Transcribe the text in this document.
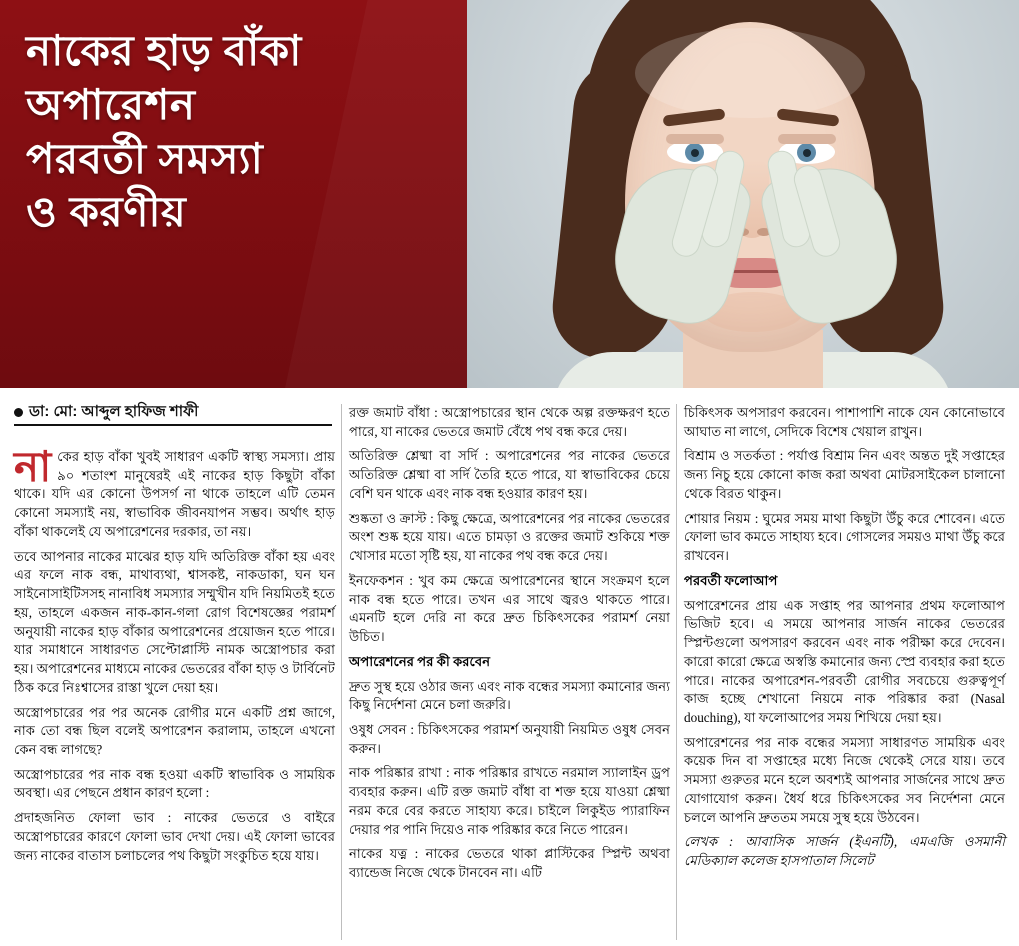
নাকের হাড় বাঁকা
অপারেশন
পরবর্তী সমস্যা
ও করণীয়
ডা: মো: আব্দুল হাফিজ শাফী

নাকের হাড় বাঁকা খুবই সাধারণ একটি স্বাস্থ্য সমস্যা। প্রায় ৯০ শতাংশ মানুষেরই এই নাকের হাড় কিছুটা বাঁকা থাকে। যদি এর কোনো উপসর্গ না থাকে তাহলে এটি তেমন কোনো সমস্যাই নয়, স্বাভাবিক জীবনযাপন সম্ভব। অর্থাৎ হাড় বাঁকা থাকলেই যে অপারেশনের দরকার, তা নয়।

তবে আপনার নাকের মাঝের হাড় যদি অতিরিক্ত বাঁকা হয় এবং এর ফলে নাক বন্ধ, মাথাব্যথা, শ্বাসকষ্ট, নাকডাকা, ঘন ঘন সাইনোসাইটিসসহ নানাবিধ সমস্যার সম্মুখীন যদি নিয়মিতই হতে হয়, তাহলে একজন নাক-কান-গলা রোগ বিশেষজ্ঞের পরামর্শ অনুযায়ী নাকের হাড় বাঁকার অপারেশনের প্রয়োজন হতে পারে। যার সমাধানে সাধারণত সেপ্টোপ্লাস্টি নামক অস্ত্রোপচার করা হয়। অপারেশনের মাধ্যমে নাকের ভেতরের বাঁকা হাড় ও টার্বিনেট ঠিক করে নিঃশ্বাসের রাস্তা খুলে দেয়া হয়।

অস্ত্রোপচারের পর পর অনেক রোগীর মনে একটি প্রশ্ন জাগে, নাক তো বন্ধ ছিল বলেই অপারেশন করালাম, তাহলে এখনো কেন বন্ধ লাগছে?

অস্ত্রোপচারের পর নাক বন্ধ হওয়া একটি স্বাভাবিক ও সাময়িক অবস্থা। এর পেছনে প্রধান কারণ হলো :

প্রদাহজনিত ফোলা ভাব : নাকের ভেতরে ও বাইরে অস্ত্রোপচারের কারণে ফোলা ভাব দেখা দেয়। এই ফোলা ভাবের জন্য নাকের বাতাস চলাচলের পথ কিছুটা সংকুচিত হয়ে যায়।

রক্ত জমাট বাঁধা : অস্ত্রোপচারের স্থান থেকে অল্প রক্তক্ষরণ হতে পারে, যা নাকের ভেতরে জমাট বেঁধে পথ বন্ধ করে দেয়।

অতিরিক্ত শ্লেষ্মা বা সর্দি : অপারেশনের পর নাকের ভেতরে অতিরিক্ত শ্লেষ্মা বা সর্দি তৈরি হতে পারে, যা স্বাভাবিকের চেয়ে বেশি ঘন থাকে এবং নাক বন্ধ হওয়ার কারণ হয়।

শুষ্কতা ও ক্রাস্ট : কিছু ক্ষেত্রে, অপারেশনের পর নাকের ভেতরের অংশ শুষ্ক হয়ে যায়। এতে চামড়া ও রক্তের জমাট শুকিয়ে শক্ত খোসার মতো সৃষ্টি হয়, যা নাকের পথ বন্ধ করে দেয়।

ইনফেকশন : খুব কম ক্ষেত্রে অপারেশনের স্থানে সংক্রমণ হলে নাক বন্ধ হতে পারে। তখন এর সাথে জ্বরও থাকতে পারে। এমনটি হলে দেরি না করে দ্রুত চিকিৎসকের পরামর্শ নেয়া উচিত।

অপারেশনের পর কী করবেন

দ্রুত সুস্থ হয়ে ওঠার জন্য এবং নাক বন্ধের সমস্যা কমানোর জন্য কিছু নির্দেশনা মেনে চলা জরুরি।

ওষুধ সেবন : চিকিৎসকের পরামর্শ অনুযায়ী নিয়মিত ওষুধ সেবন করুন।

নাক পরিষ্কার রাখা : নাক পরিষ্কার রাখতে নরমাল স্যালাইন ড্রপ ব্যবহার করুন। এটি রক্ত জমাট বাঁধা বা শক্ত হয়ে যাওয়া শ্লেষ্মা নরম করে বের করতে সাহায্য করে। চাইলে লিকুইড প্যারাফিন দেয়ার পর পানি দিয়েও নাক পরিষ্কার করে নিতে পারেন।

নাকের যত্ন : নাকের ভেতরে থাকা প্লাস্টিকের স্প্লিন্ট অথবা ব্যান্ডেজ নিজে থেকে টানবেন না। এটি

চিকিৎসক অপসারণ করবেন। পাশাপাশি নাকে যেন কোনোভাবে আঘাত না লাগে, সেদিকে বিশেষ খেয়াল রাখুন।

বিশ্রাম ও সতর্কতা : পর্যাপ্ত বিশ্রাম নিন এবং অন্তত দুই সপ্তাহের জন্য নিচু হয়ে কোনো কাজ করা অথবা মোটরসাইকেল চালানো থেকে বিরত থাকুন।

শোয়ার নিয়ম : ঘুমের সময় মাথা কিছুটা উঁচু করে শোবেন। এতে ফোলা ভাব কমতে সাহায্য হবে। গোসলের সময়ও মাথা উঁচু করে রাখবেন।

পরবর্তী ফলোআপ

অপারেশনের প্রায় এক সপ্তাহ পর আপনার প্রথম ফলোআপ ভিজিট হবে। এ সময়ে আপনার সার্জন নাকের ভেতরের স্প্লিন্টগুলো অপসারণ করবেন এবং নাক পরীক্ষা করে দেবেন। কারো কারো ক্ষেত্রে অস্বস্তি কমানোর জন্য স্প্রে ব্যবহার করা হতে পারে। নাকের অপারেশন-পরবর্তী রোগীর সবচেয়ে গুরুত্বপূর্ণ কাজ হচ্ছে শেখানো নিয়মে নাক পরিষ্কার করা (Nasal douching), যা ফলোআপের সময় শিখিয়ে দেয়া হয়।

অপারেশনের পর নাক বন্ধের সমস্যা সাধারণত সাময়িক এবং কয়েক দিন বা সপ্তাহের মধ্যে নিজে থেকেই সেরে যায়। তবে সমস্যা গুরুতর মনে হলে অবশ্যই আপনার সার্জনের সাথে দ্রুত যোগাযোগ করুন। ধৈর্য ধরে চিকিৎসকের সব নির্দেশনা মেনে চললে আপনি দ্রুততম সময়ে সুস্থ হয়ে উঠবেন।

লেখক : আবাসিক সার্জন (ইএনটি), এমএজি ওসমানী মেডিক্যাল কলেজ হাসপাতাল সিলেট
